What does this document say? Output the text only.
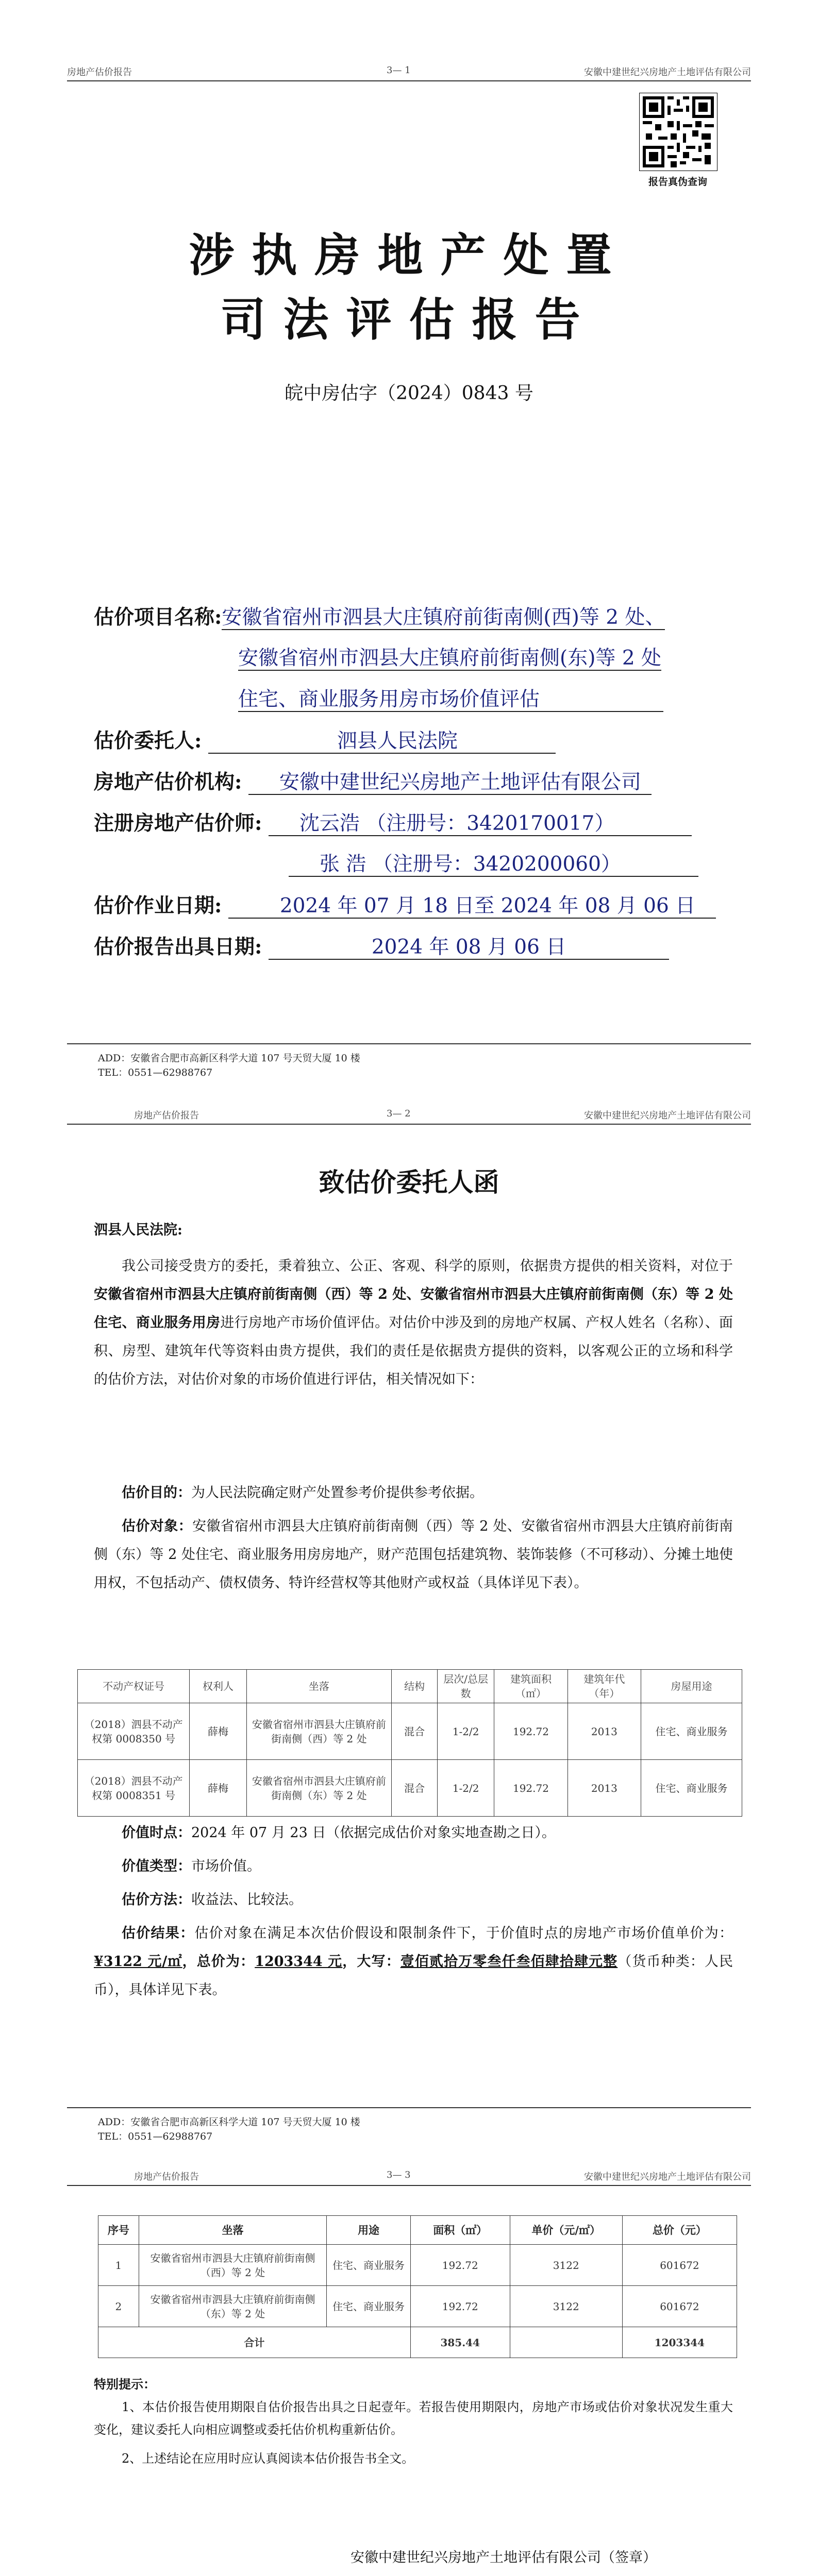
房地产估价报告	3— 1	安徽中建世纪兴房地产土地评估有限公司
报告真伪查询
涉执房地产处置
司法评估报告
皖中房估字（2024）0843 号
估价项目名称:安徽省宿州市泗县大庄镇府前街南侧(西)等 2 处、
安徽省宿州市泗县大庄镇府前街南侧(东)等 2 处
住宅、商业服务用房市场价值评估
估价委托人:	泗县人民法院
房地产估价机构: 安徽中建世纪兴房地产土地评估有限公司
注册房地产估价师: 沈云浩 （注册号：3420170017）
张 浩 （注册号：3420200060）
估价作业日期:	2024 年 07 月 18 日至 2024 年 08 月 06 日
估价报告出具日期:	2024 年 08 月 06 日
ADD：安徽省合肥市高新区科学大道 107 号天贸大厦 10 楼
TEL：0551—62988767
房地产估价报告	3— 2	安徽中建世纪兴房地产土地评估有限公司
致估价委托人函
泗县人民法院:
我公司接受贵方的委托，秉着独立、公正、客观、科学的原则，依据贵方提供的相关资料，对位于安徽省宿州市泗县大庄镇府前街南侧（西）等 2 处、安徽省宿州市泗县大庄镇府前街南侧（东）等 2 处住宅、商业服务用房进行房地产市场价值评估。对估价中涉及到的房地产权属、产权人姓名（名称）、面积、房型、建筑年代等资料由贵方提供，我们的责任是依据贵方提供的资料，以客观公正的立场和科学的估价方法，对估价对象的市场价值进行评估，相关情况如下：
估价目的：为人民法院确定财产处置参考价提供参考依据。
估价对象：安徽省宿州市泗县大庄镇府前街南侧（西）等 2 处、安徽省宿州市泗县大庄镇府前街南侧（东）等 2 处住宅、商业服务用房房地产，财产范围包括建筑物、装饰装修（不可移动）、分摊土地使用权，不包括动产、债权债务、特许经营权等其他财产或权益（具体详见下表）。
不动产权证号	权利人	坐落	结构	层次/总层数	建筑面积（㎡）	建筑年代（年）	房屋用途
（2018）泗县不动产权第 0008350 号	薛梅	安徽省宿州市泗县大庄镇府前街南侧（西）等 2 处	混合	1-2/2	192.72	2013	住宅、商业服务
（2018）泗县不动产权第 0008351 号	薛梅	安徽省宿州市泗县大庄镇府前街南侧（东）等 2 处	混合	1-2/2	192.72	2013	住宅、商业服务
价值时点：2024 年 07 月 23 日（依据完成估价对象实地查勘之日）。
价值类型：市场价值。
估价方法：收益法、比较法。
估价结果：估价对象在满足本次估价假设和限制条件下，于价值时点的房地产市场价值单价为：¥3122 元/㎡，总价为：1203344 元，大写：壹佰贰拾万零叁仟叁佰肆拾肆元整（货币种类：人民币），具体详见下表。
ADD：安徽省合肥市高新区科学大道 107 号天贸大厦 10 楼
TEL：0551—62988767
房地产估价报告	3— 3	安徽中建世纪兴房地产土地评估有限公司
序号	坐落	用途	面积（㎡）	单价（元/㎡）	总价（元）
1	安徽省宿州市泗县大庄镇府前街南侧（西）等 2 处	住宅、商业服务	192.72	3122	601672
2	安徽省宿州市泗县大庄镇府前街南侧（东）等 2 处	住宅、商业服务	192.72	3122	601672
合计			385.44		1203344
特别提示：
1、本估价报告使用期限自估价报告出具之日起壹年。若报告使用期限内，房地产市场或估价对象状况发生重大变化，建议委托人向相应调整或委托估价机构重新估价。
2、上述结论在应用时应认真阅读本估价报告书全文。
安徽中建世纪兴房地产土地评估有限公司（签章）
